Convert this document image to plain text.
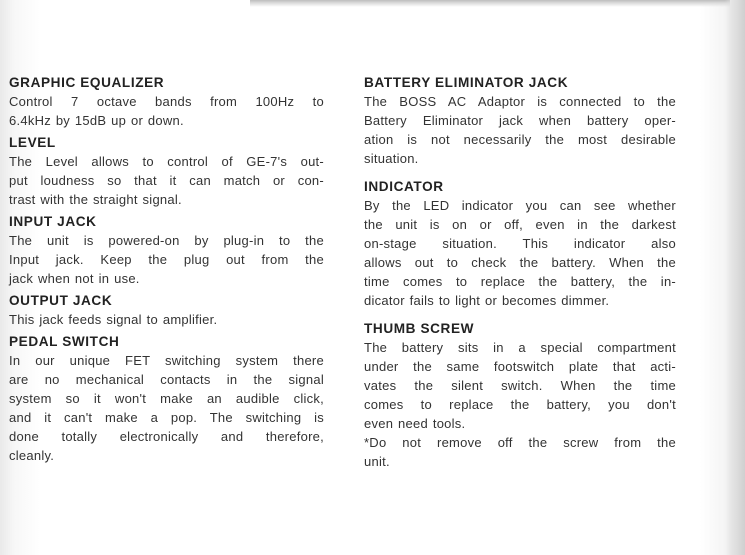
GRAPHIC EQUALIZER

Control 7 octave bands from 100Hz to
6.4kHz by 15dB up or down.

LEVEL

The Level allows to control of GE-7's out-
put loudness so that it can match or con-
trast with the straight signal.

INPUT JACK

The unit is powered-on by plug-in to the
Input jack. Keep the plug out from the
jack when not in use.

OUTPUT JACK

This jack feeds signal to amplifier.

PEDAL SWITCH

In our unique FET switching system there
are no mechanical contacts in the signal
system so it won't make an audible click,
and it can't make a pop. The switching is
done totally electronically and therefore,
cleanly.

BATTERY ELIMINATOR JACK

The BOSS AC Adaptor is connected to the
Battery Eliminator jack when battery oper-
ation is not necessarily the most desirable
situation.

INDICATOR

By the LED indicator you can see whether
the unit is on or off, even in the darkest
on-stage situation. This indicator also
allows out to check the battery. When the
time comes to replace the battery, the in-
dicator fails to light or becomes dimmer.

THUMB SCREW

The battery sits in a special compartment
under the same footswitch plate that acti-
vates the silent switch. When the time
comes to replace the battery, you don't
even need tools.
*Do not remove off the screw from the
unit.
